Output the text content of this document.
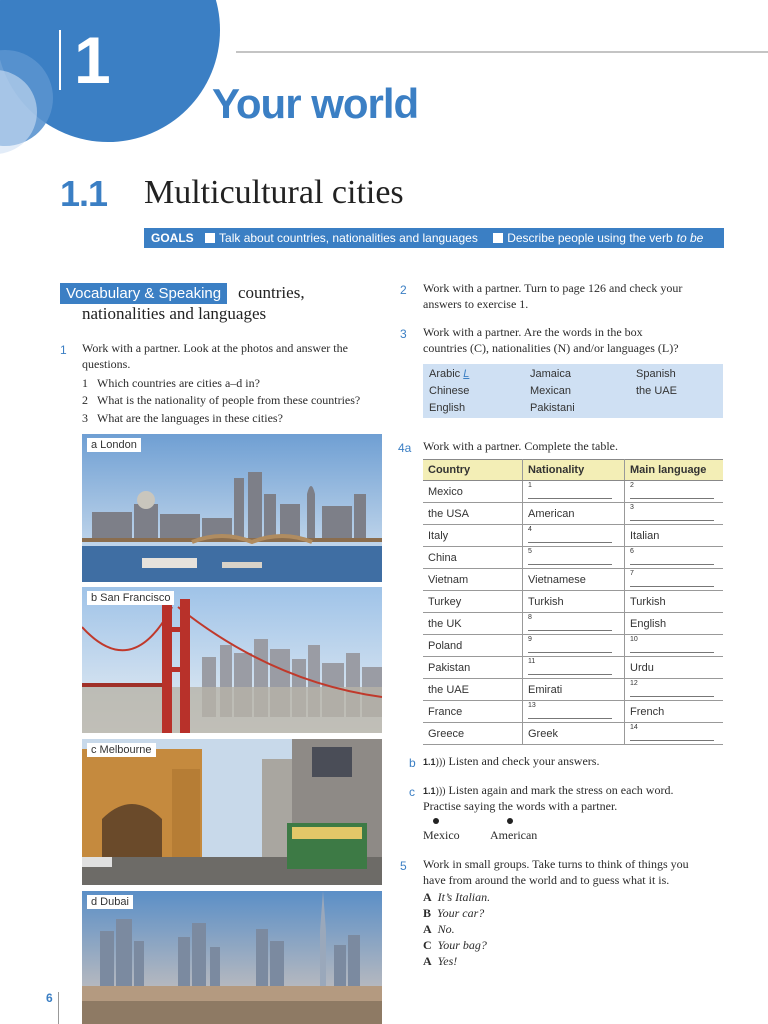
1
Your world
1.1 Multicultural cities
GOALS Talk about countries, nationalities and languages Describe people using the verbto be
Vocabulary & Speaking countries,
nationalities and languages
1 Work with a partner. Look at the photos and answer the
questions.
1 Which countries are cities a–d in?
2 What is the nationality of people from these countries?
3 What are the languages in these cities?
a London
b San Francisco
c Melbourne
d Dubai
6
2 Work with a partner. Turn to page 126 and check your
answers to exercise 1.
3 Work with a partner. Are the words in the box
countries (C), nationalities (N) and/or languages (L)?
Arabic L	Jamaica	Spanish
Chinese	Mexican	the UAE
English	Pakistani
4a Work with a partner. Complete the table.
Country	Nationality	Main language
Mexico	1	2

the USA	American	3

Italy	4	Italian
China	5	6

Vietnam	Vietnamese	7

Turkey	Turkish	Turkish
the UK	8	English
Poland	9	10

Pakistan	11	Urdu
the UAE	Emirati	12

France	13	French
Greece	Greek	14
b 1.1))) Listen and check your answers.
c 1.1))) Listen again and mark the stress on each word.
Practise saying the words with a partner.
Mexico	American
5 Work in small groups. Take turns to think of things you
have from around the world and to guess what it is.
A It’s Italian.
B Your car?
A No.
C Your bag?
A Yes!
